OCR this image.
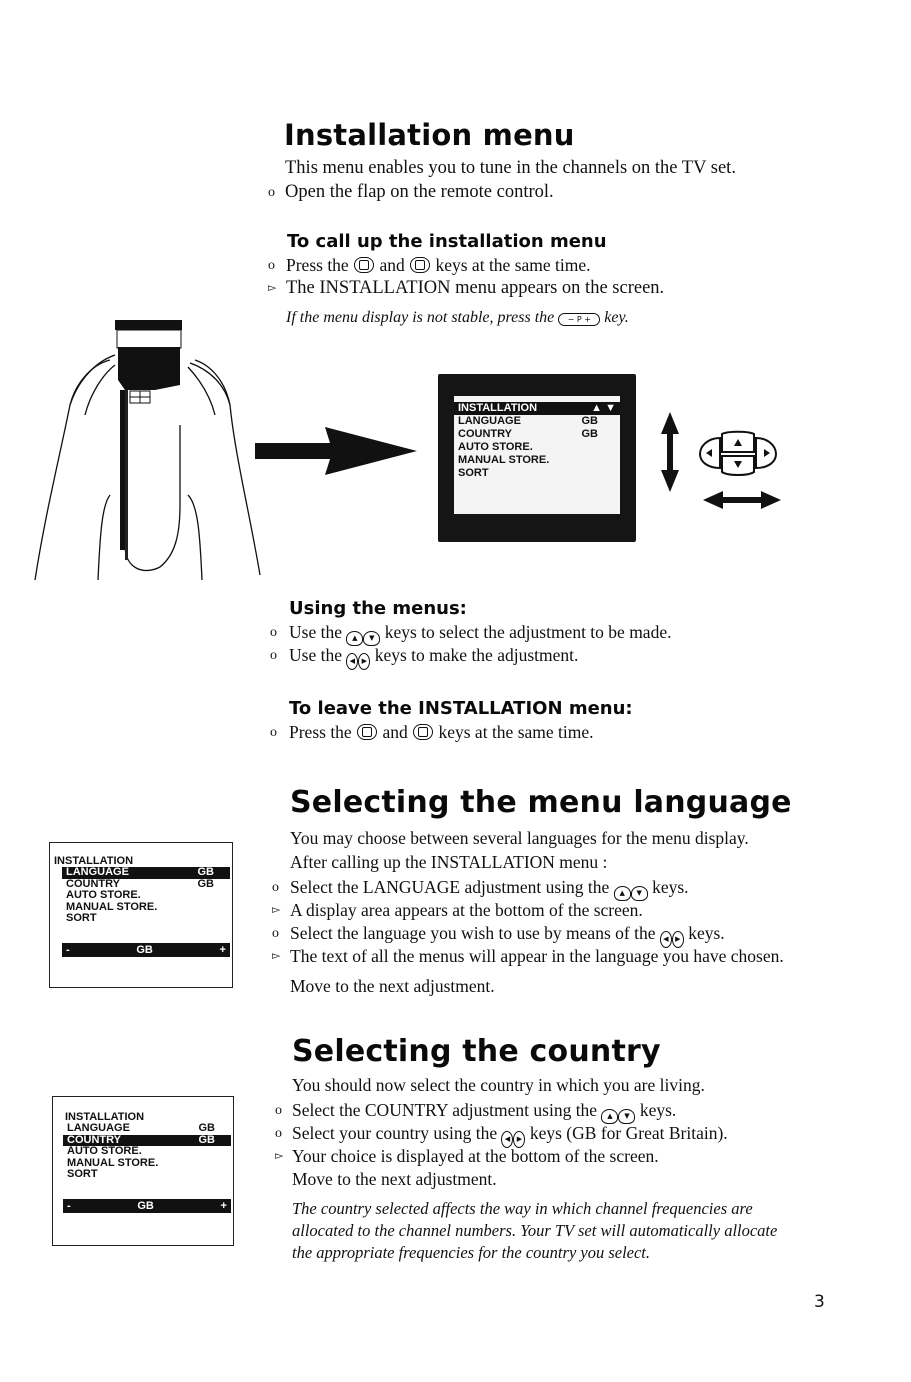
Installation menu
This menu enables you to tune in the channels on the TV set.
o Open the flap on the remote control.
To call up the installation menu
o Press the and keys at the same time.
▻ The INSTALLATION menu appears on the screen.
If the menu display is not stable, press the − P + key.
INSTALLATION	▲ ▼
LANGUAGE	GB
COUNTRY	GB
AUTO STORE.
MANUAL STORE.
SORT
Using the menus:
o Use the ▲ ▼ keys to select the adjustment to be made.
o Use the ◀ ▶ keys to make the adjustment.
To leave the INSTALLATION menu:
o Press the and keys at the same time.
Selecting the menu language
You may choose between several languages for the menu display.
After calling up the INSTALLATION menu :
o Select the LANGUAGE adjustment using the ▲ ▼ keys.
▻ A display area appears at the bottom of the screen.
o Select the language you wish to use by means of the ◀ ▶ keys.
▻ The text of all the menus will appear in the language you have chosen.
Move to the next adjustment.
INSTALLATION
LANGUAGE	GB
COUNTRY	GB
AUTO STORE.
MANUAL STORE.
SORT
-	GB	+
Selecting the country
You should now select the country in which you are living.
o Select the COUNTRY adjustment using the ▲ ▼ keys.
o Select your country using the ◀ ▶ keys (GB for Great Britain).
▻ Your choice is displayed at the bottom of the screen.
Move to the next adjustment.
The country selected affects the way in which channel frequencies are
allocated to the channel numbers. Your TV set will automatically allocate
the appropriate frequencies for the country you select.
INSTALLATION
LANGUAGE	GB
COUNTRY	GB
AUTO STORE.
MANUAL STORE.
SORT
-	GB	+
3
